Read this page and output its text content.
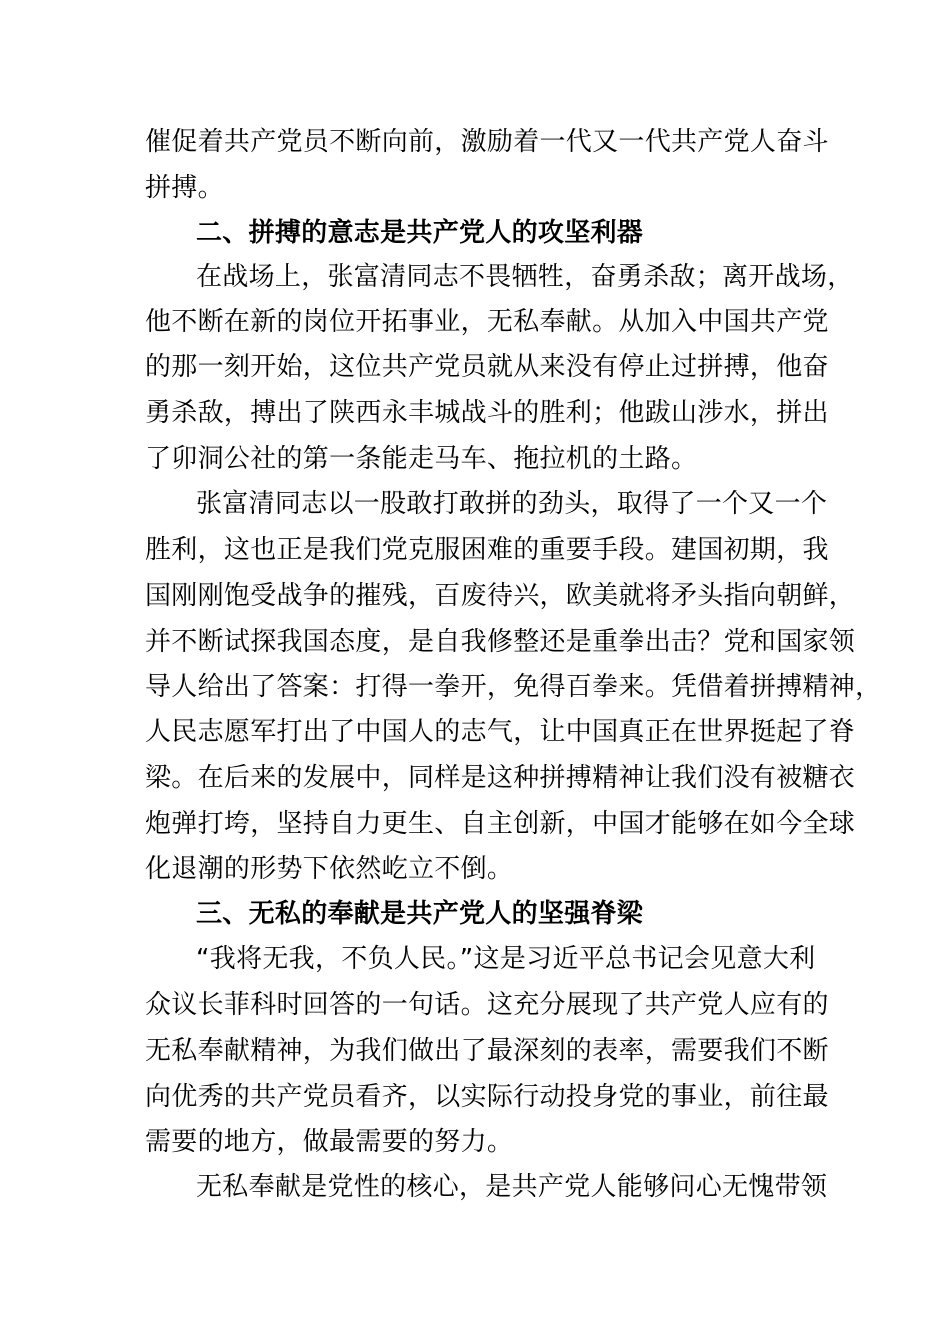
催促着共产党员不断向前，激励着一代又一代共产党人奋斗

拼搏。

二、拼搏的意志是共产党人的攻坚利器

在战场上，张富清同志不畏牺牲，奋勇杀敌；离开战场，

他不断在新的岗位开拓事业，无私奉献。从加入中国共产党

的那一刻开始，这位共产党员就从来没有停止过拼搏，他奋

勇杀敌，搏出了陕西永丰城战斗的胜利；他跋山涉水，拼出

了卯洞公社的第一条能走马车、拖拉机的土路。

张富清同志以一股敢打敢拼的劲头，取得了一个又一个

胜利，这也正是我们党克服困难的重要手段。建国初期，我

国刚刚饱受战争的摧残，百废待兴，欧美就将矛头指向朝鲜，

并不断试探我国态度，是自我修整还是重拳出击？党和国家领

导人给出了答案：打得一拳开，免得百拳来。凭借着拼搏精神，

人民志愿军打出了中国人的志气，让中国真正在世界挺起了脊

梁。在后来的发展中，同样是这种拼搏精神让我们没有被糖衣

炮弹打垮，坚持自力更生、自主创新，中国才能够在如今全球

化退潮的形势下依然屹立不倒。

三、无私的奉献是共产党人的坚强脊梁

“我将无我，不负人民。”这是习近平总书记会见意大利

众议长菲科时回答的一句话。这充分展现了共产党人应有的

无私奉献精神，为我们做出了最深刻的表率，需要我们不断

向优秀的共产党员看齐，以实际行动投身党的事业，前往最

需要的地方，做最需要的努力。

无私奉献是党性的核心，是共产党人能够问心无愧带领
